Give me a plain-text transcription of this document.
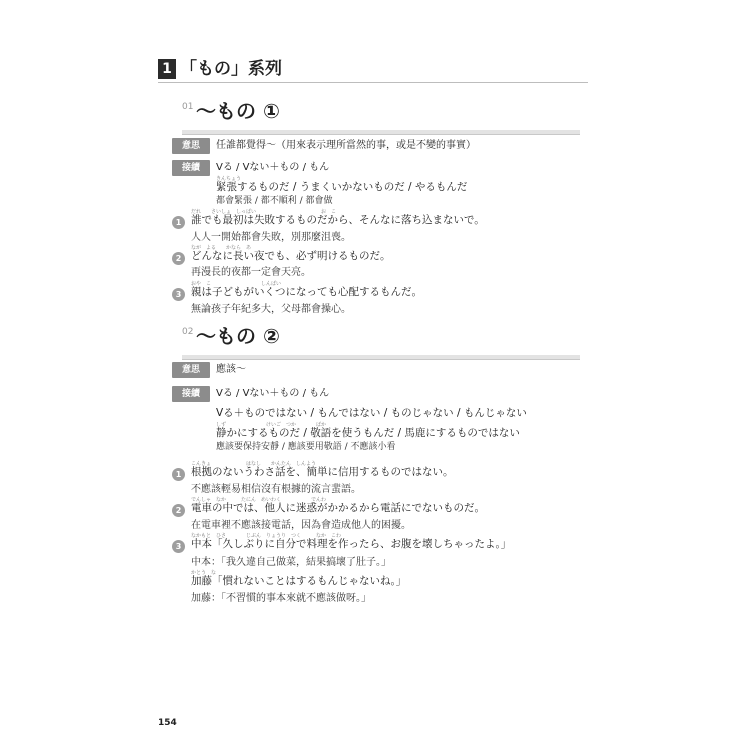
1 「もの」系列
01 ～もの ①
意思	任誰都覺得～（用來表示理所當然的事，或是不變的事實）
接續	Vる / Vない＋もの / もん
きんちょう
緊張するものだ / うまくいかないものだ / やるもんだ
都會緊張 / 都不順利 / 都會做
1
だれ　　さいしょ　しっぱい　　　　　　　　　　　　　お　こ
誰でも最初は失敗するものだから、そんなに落ち込まないで。
人人一開始都會失敗，別那麼沮喪。
2
なが　よる　　かなら　あ
どんなに長い夜でも、必ず明けるものだ。
再漫長的夜都一定會天亮。
3
おや　こ　　　　　　　　　　しんぱい
親は子どもがいくつになっても心配するもんだ。
無論孩子年紀多大，父母都會操心。
02 ～もの ②
意思	應該～
接續	Vる / Vない＋もの / もん
Vる＋ものではない / もんではない / ものじゃない / もんじゃない
しず　　　　　　　　けいご　つか　　　　ばか
静かにするものだ / 敬語を使うもんだ / 馬鹿にするものではない
應該要保持安靜 / 應該要用敬語 / 不應該小看
1
こんきょ　　　　　　　はなし　　かんたん　しんよう
根拠のないうわさ話を、簡単に信用するものではない。
不應該輕易相信沒有根據的流言蜚語。
2
でんしゃ　なか　　　たにん　めいわく　　　　　　でんわ
電車の中では、他人に迷惑がかかるから電話にでないものだ。
在電車裡不應該接電話，因為會造成他人的困擾。
3
なかもと　ひさ　　　　じぶん　りょうり　つく　　　なか　こわ
中本「久しぶりに自分で料理を作ったら、お腹を壊しちゃったよ。」
中本：「我久違自己做菜，結果搞壞了肚子。」
かとう　な
加藤「慣れないことはするもんじゃないね。」
加藤：「不習慣的事本來就不應該做呀。」
154
